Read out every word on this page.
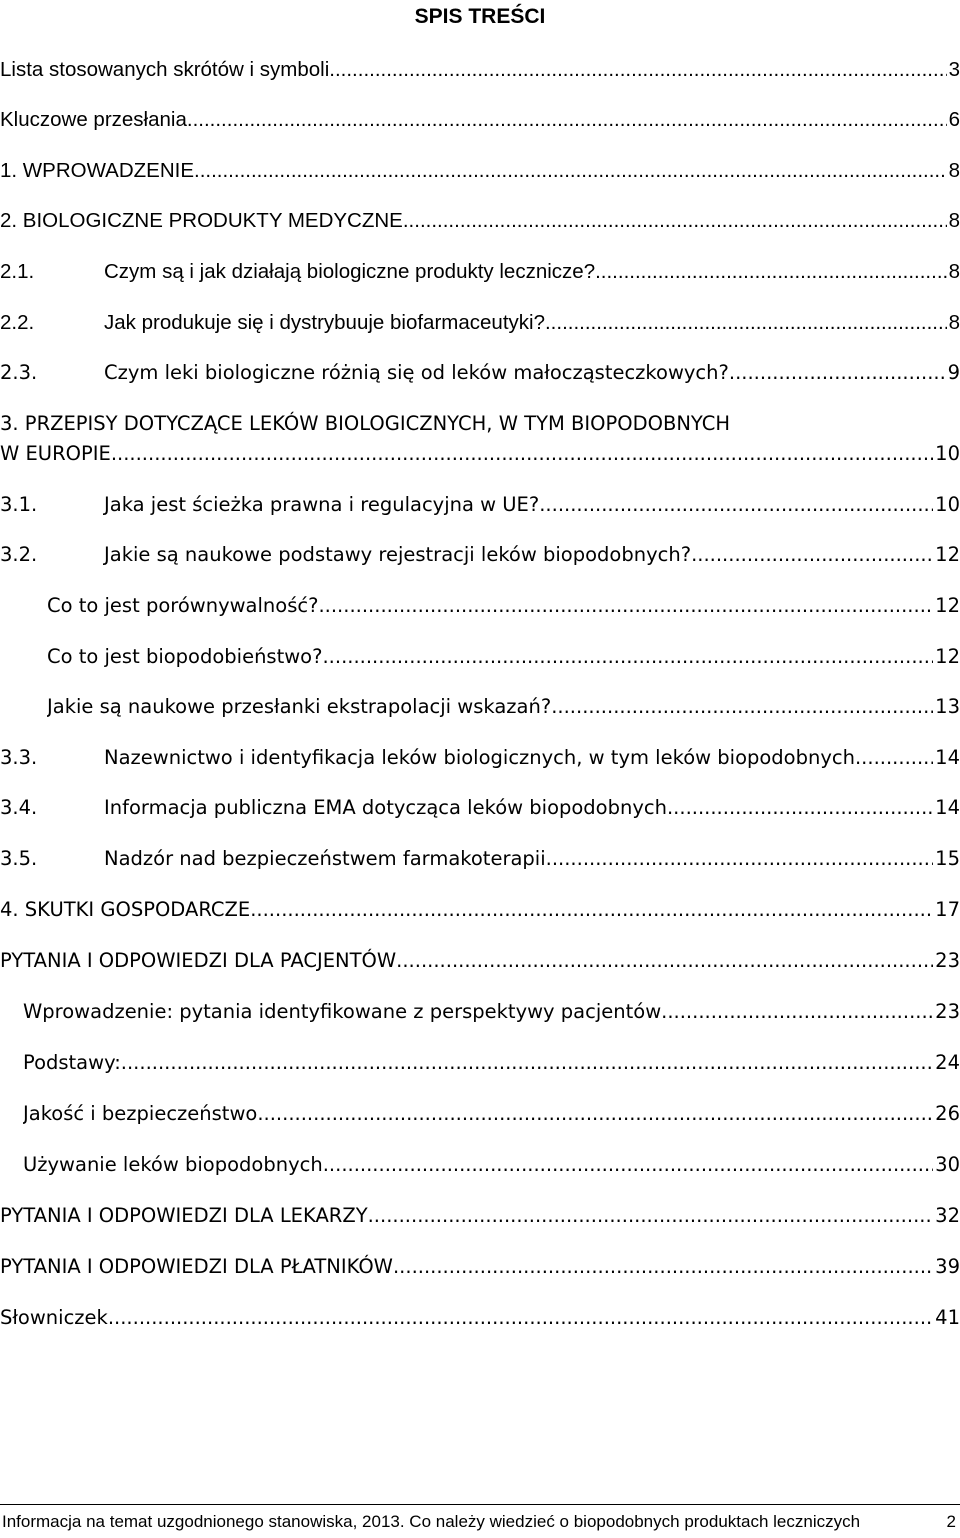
SPIS TREŚCI
Lista stosowanych skrótów i symboli .....	3
Kluczowe przesłania .....	6
1. WPROWADZENIE .....	8
2. BIOLOGICZNE PRODUKTY MEDYCZNE .....	8
2.1.	Czym są i jak działają biologiczne produkty lecznicze? .....	8
2.2.	Jak produkuje się i dystrybuuje biofarmaceutyki? .....	8
2.3.	Czym leki biologiczne różnią się od leków małocząsteczkowych? .....	9
3. PRZEPISY DOTYCZĄCE LEKÓW BIOLOGICZNYCH, W TYM BIOPODOBNYCH
W EUROPIE .....	10
3.1.	Jaka jest ścieżka prawna i regulacyjna w UE? .....	10
3.2.	Jakie są naukowe podstawy rejestracji leków biopodobnych? .....	12
Co to jest porównywalność? .....	12
Co to jest biopodobieństwo? .....	12
Jakie są naukowe przesłanki ekstrapolacji wskazań? .....	13
3.3.	Nazewnictwo i identyfikacja leków biologicznych, w tym leków biopodobnych .....	14
3.4.	Informacja publiczna EMA dotycząca leków biopodobnych .....	14
3.5.	Nadzór nad bezpieczeństwem farmakoterapii .....	15
4. SKUTKI GOSPODARCZE .....	17
PYTANIA I ODPOWIEDZI DLA PACJENTÓW .....	23
Wprowadzenie: pytania identyfikowane z perspektywy pacjentów .....	23
Podstawy: .....	24
Jakość i bezpieczeństwo .....	26
Używanie leków biopodobnych .....	30
PYTANIA I ODPOWIEDZI DLA LEKARZY .....	32
PYTANIA I ODPOWIEDZI DLA PŁATNIKÓW .....	39
Słowniczek .....	41
Informacja na temat uzgodnionego stanowiska, 2013. Co należy wiedzieć o biopodobnych produktach leczniczych	2
